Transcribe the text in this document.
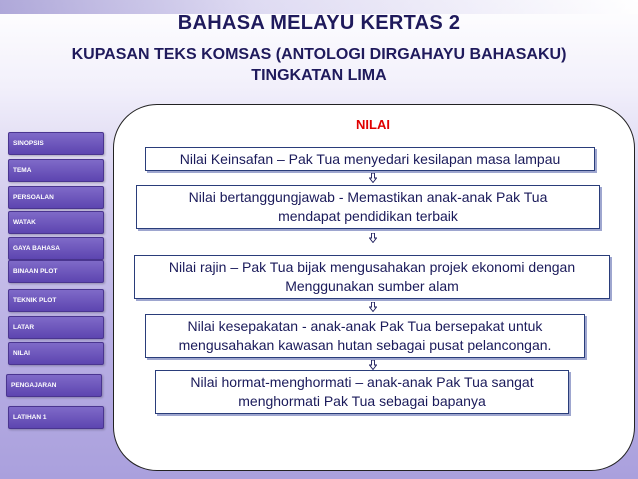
BAHASA MELAYU KERTAS 2
KUPASAN TEKS KOMSAS (ANTOLOGI DIRGAHAYU BAHASAKU)
TINGKATAN LIMA
SINOPSIS
TEMA
PERSOALAN
WATAK
GAYA BAHASA
BINAAN PLOT
TEKNIK PLOT
LATAR
NILAI
PENGAJARAN
LATIHAN 1
NILAI
Nilai Keinsafan – Pak Tua menyedari kesilapan masa lampau
Nilai bertanggungjawab - Memastikan anak-anak Pak Tua
mendapat pendidikan terbaik
Nilai rajin – Pak Tua bijak mengusahakan projek ekonomi dengan
Menggunakan sumber alam
Nilai kesepakatan - anak-anak Pak Tua bersepakat untuk
mengusahakan kawasan hutan sebagai pusat pelancongan.
Nilai hormat-menghormati – anak-anak Pak Tua sangat
menghormati Pak Tua sebagai bapanya
